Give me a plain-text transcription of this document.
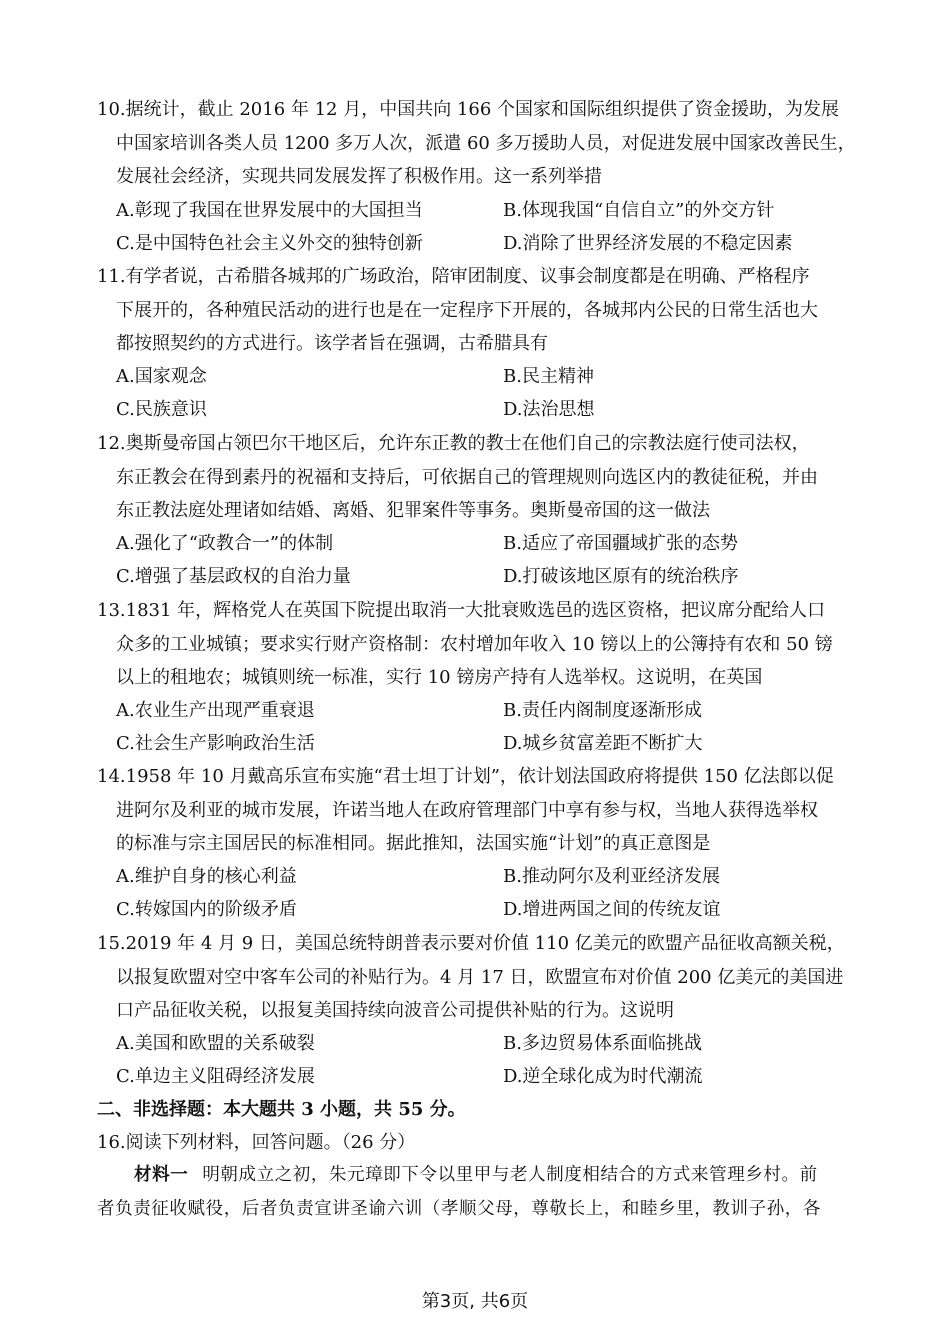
10.据统计，截止 2016 年 12 月，中国共向 166 个国家和国际组织提供了资金援助，为发展
中国家培训各类人员 1200 多万人次，派遣 60 多万援助人员，对促进发展中国家改善民生，
发展社会经济，实现共同发展发挥了积极作用。这一系列举措
A.彰现了我国在世界发展中的大国担当	B.体现我国“自信自立”的外交方针
C.是中国特色社会主义外交的独特创新	D.消除了世界经济发展的不稳定因素
11.有学者说，古希腊各城邦的广场政治，陪审团制度、议事会制度都是在明确、严格程序
下展开的，各种殖民活动的进行也是在一定程序下开展的，各城邦内公民的日常生活也大
都按照契约的方式进行。该学者旨在强调，古希腊具有
A.国家观念	B.民主精神
C.民族意识	D.法治思想
12.奥斯曼帝国占领巴尔干地区后，允许东正教的教士在他们自己的宗教法庭行使司法权，
东正教会在得到素丹的祝福和支持后，可依据自己的管理规则向选区内的教徒征税，并由
东正教法庭处理诸如结婚、离婚、犯罪案件等事务。奥斯曼帝国的这一做法
A.强化了“政教合一”的体制	B.适应了帝国疆域扩张的态势
C.增强了基层政权的自治力量	D.打破该地区原有的统治秩序
13.1831 年，辉格党人在英国下院提出取消一大批衰败选邑的选区资格，把议席分配给人口
众多的工业城镇；要求实行财产资格制：农村增加年收入 10 镑以上的公簿持有农和 50 镑
以上的租地农；城镇则统一标准，实行 10 镑房产持有人选举权。这说明，在英国
A.农业生产出现严重衰退	B.责任内阁制度逐渐形成
C.社会生产影响政治生活	D.城乡贫富差距不断扩大
14.1958 年 10 月戴高乐宣布实施“君士坦丁计划”，依计划法国政府将提供 150 亿法郎以促
进阿尔及利亚的城市发展，许诺当地人在政府管理部门中享有参与权，当地人获得选举权
的标准与宗主国居民的标准相同。据此推知，法国实施“计划”的真正意图是
A.维护自身的核心利益	B.推动阿尔及利亚经济发展
C.转嫁国内的阶级矛盾	D.增进两国之间的传统友谊
15.2019 年 4 月 9 日，美国总统特朗普表示要对价值 110 亿美元的欧盟产品征收高额关税，
以报复欧盟对空中客车公司的补贴行为。4 月 17 日，欧盟宣布对价值 200 亿美元的美国进
口产品征收关税，以报复美国持续向波音公司提供补贴的行为。这说明
A.美国和欧盟的关系破裂	B.多边贸易体系面临挑战
C.单边主义阻碍经济发展	D.逆全球化成为时代潮流
二、非选择题：本大题共 3 小题，共 55 分。
16.阅读下列材料，回答问题。（26 分）
材料一 明朝成立之初，朱元璋即下令以里甲与老人制度相结合的方式来管理乡村。前
者负责征收赋役，后者负责宣讲圣谕六训（孝顺父母，尊敬长上，和睦乡里，教训子孙，各
第3页, 共6页
